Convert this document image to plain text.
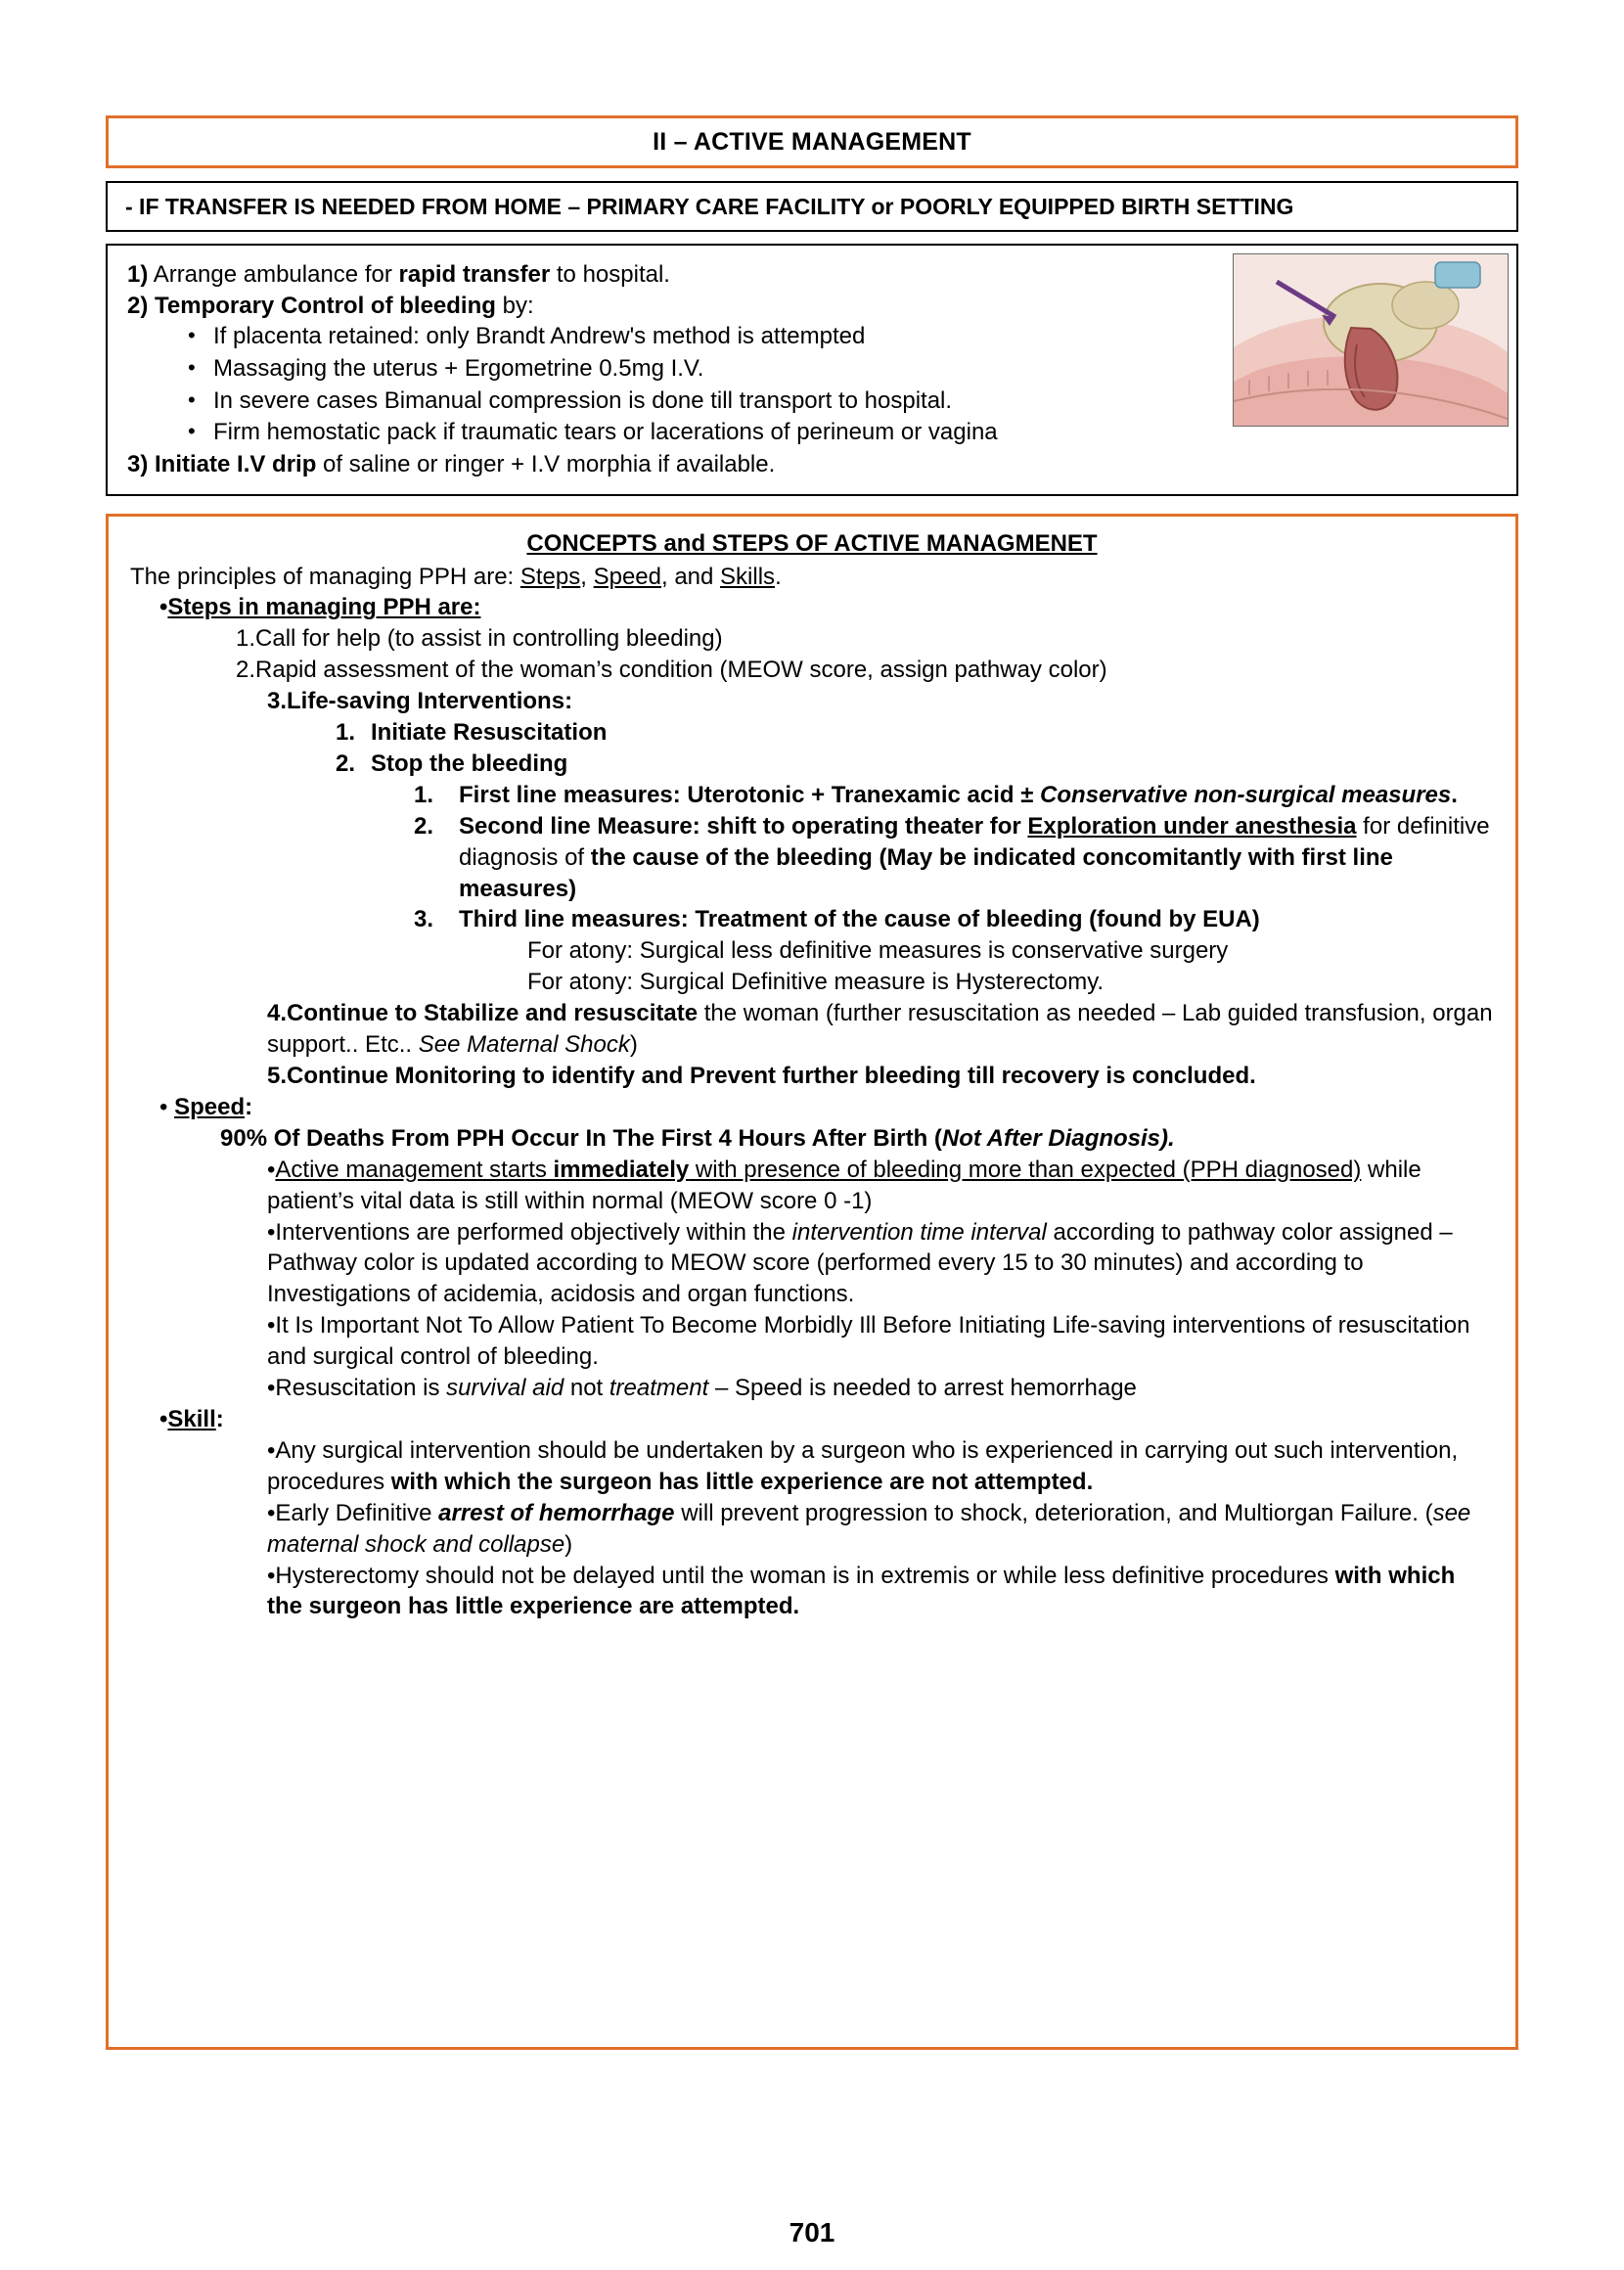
II – ACTIVE MANAGEMENT
- IF TRANSFER IS NEEDED FROM HOME – PRIMARY CARE FACILITY or POORLY EQUIPPED BIRTH SETTING
1) Arrange ambulance for rapid transfer to hospital.
2) Temporary Control of bleeding by:
• If placenta retained: only Brandt Andrew's method is attempted
• Massaging the uterus + Ergometrine 0.5mg I.V.
• In severe cases Bimanual compression is done till transport to hospital.
• Firm hemostatic pack if traumatic tears or lacerations of perineum or vagina
3) Initiate I.V drip of saline or ringer + I.V morphia if available.
CONCEPTS and STEPS OF ACTIVE MANAGMENET
The principles of managing PPH are: Steps, Speed, and Skills.
•Steps in managing PPH are:
1.Call for help (to assist in controlling bleeding)
2.Rapid assessment of the woman’s condition (MEOW score, assign pathway color)
3.Life-saving Interventions:
1. Initiate Resuscitation
2. Stop the bleeding
1. First line measures: Uterotonic + Tranexamic acid ± Conservative non-surgical measures.
2. Second line Measure: shift to operating theater for Exploration under anesthesia for definitive diagnosis of the cause of the bleeding (May be indicated concomitantly with first line measures)
3. Third line measures: Treatment of the cause of bleeding (found by EUA)
For atony: Surgical less definitive measures is conservative surgery
For atony: Surgical Definitive measure is Hysterectomy.
4.Continue to Stabilize and resuscitate the woman (further resuscitation as needed – Lab guided transfusion, organ support.. Etc.. See Maternal Shock)
5.Continue Monitoring to identify and Prevent further bleeding till recovery is concluded.
• Speed:
90% Of Deaths From PPH Occur In The First 4 Hours After Birth (Not After Diagnosis).
•Active management starts immediately with presence of bleeding more than expected (PPH diagnosed) while patient’s vital data is still within normal (MEOW score 0 -1)
•Interventions are performed objectively within the intervention time interval according to pathway color assigned – Pathway color is updated according to MEOW score (performed every 15 to 30 minutes) and according to Investigations of acidemia, acidosis and organ functions.
•It Is Important Not To Allow Patient To Become Morbidly Ill Before Initiating Life-saving interventions of resuscitation and surgical control of bleeding.
•Resuscitation is survival aid not treatment – Speed is needed to arrest hemorrhage
•Skill:
•Any surgical intervention should be undertaken by a surgeon who is experienced in carrying out such intervention, procedures with which the surgeon has little experience are not attempted.
•Early Definitive arrest of hemorrhage will prevent progression to shock, deterioration, and Multiorgan Failure. (see maternal shock and collapse)
•Hysterectomy should not be delayed until the woman is in extremis or while less definitive procedures with which the surgeon has little experience are attempted.
701
